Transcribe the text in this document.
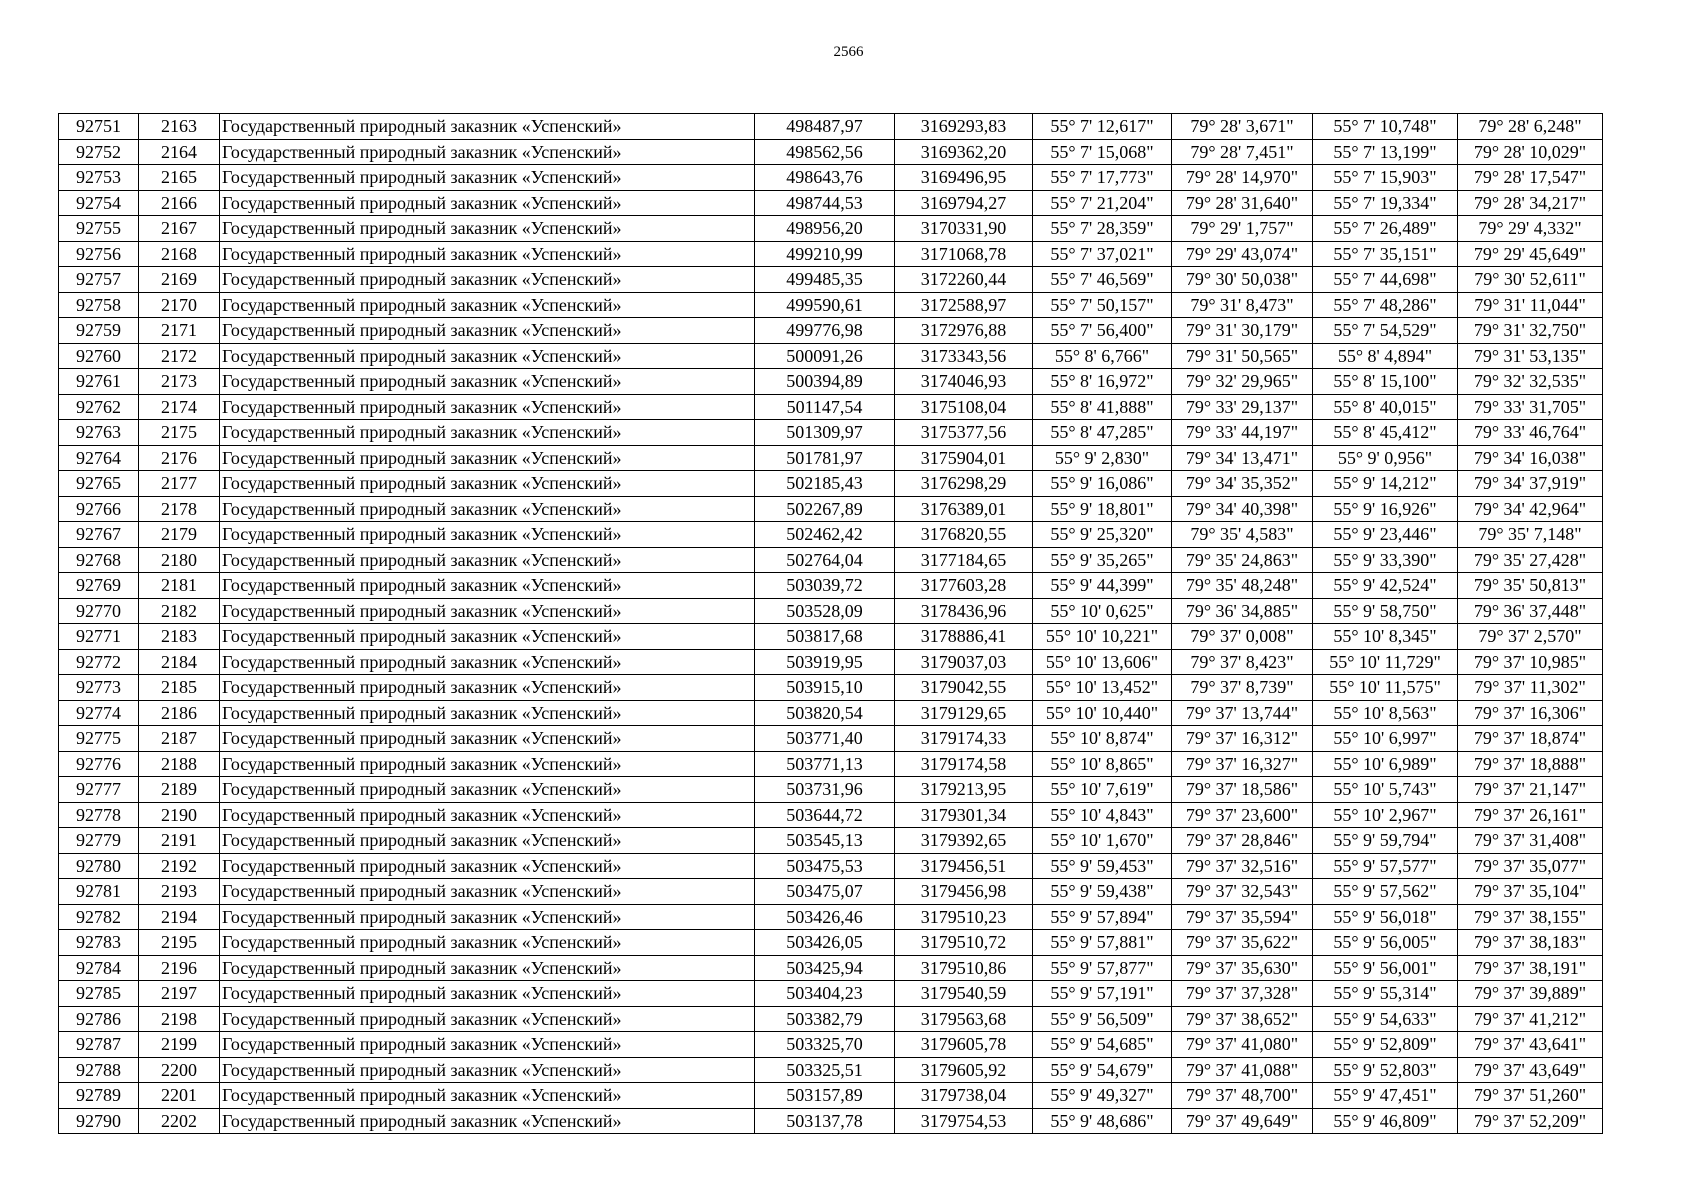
2566
92751	2163	Государственный природный заказник «Успенский»	498487,97	3169293,83	55° 7' 12,617"	79° 28' 3,671"	55° 7' 10,748"	79° 28' 6,248"
92752	2164	Государственный природный заказник «Успенский»	498562,56	3169362,20	55° 7' 15,068"	79° 28' 7,451"	55° 7' 13,199"	79° 28' 10,029"
92753	2165	Государственный природный заказник «Успенский»	498643,76	3169496,95	55° 7' 17,773"	79° 28' 14,970"	55° 7' 15,903"	79° 28' 17,547"
92754	2166	Государственный природный заказник «Успенский»	498744,53	3169794,27	55° 7' 21,204"	79° 28' 31,640"	55° 7' 19,334"	79° 28' 34,217"
92755	2167	Государственный природный заказник «Успенский»	498956,20	3170331,90	55° 7' 28,359"	79° 29' 1,757"	55° 7' 26,489"	79° 29' 4,332"
92756	2168	Государственный природный заказник «Успенский»	499210,99	3171068,78	55° 7' 37,021"	79° 29' 43,074"	55° 7' 35,151"	79° 29' 45,649"
92757	2169	Государственный природный заказник «Успенский»	499485,35	3172260,44	55° 7' 46,569"	79° 30' 50,038"	55° 7' 44,698"	79° 30' 52,611"
92758	2170	Государственный природный заказник «Успенский»	499590,61	3172588,97	55° 7' 50,157"	79° 31' 8,473"	55° 7' 48,286"	79° 31' 11,044"
92759	2171	Государственный природный заказник «Успенский»	499776,98	3172976,88	55° 7' 56,400"	79° 31' 30,179"	55° 7' 54,529"	79° 31' 32,750"
92760	2172	Государственный природный заказник «Успенский»	500091,26	3173343,56	55° 8' 6,766"	79° 31' 50,565"	55° 8' 4,894"	79° 31' 53,135"
92761	2173	Государственный природный заказник «Успенский»	500394,89	3174046,93	55° 8' 16,972"	79° 32' 29,965"	55° 8' 15,100"	79° 32' 32,535"
92762	2174	Государственный природный заказник «Успенский»	501147,54	3175108,04	55° 8' 41,888"	79° 33' 29,137"	55° 8' 40,015"	79° 33' 31,705"
92763	2175	Государственный природный заказник «Успенский»	501309,97	3175377,56	55° 8' 47,285"	79° 33' 44,197"	55° 8' 45,412"	79° 33' 46,764"
92764	2176	Государственный природный заказник «Успенский»	501781,97	3175904,01	55° 9' 2,830"	79° 34' 13,471"	55° 9' 0,956"	79° 34' 16,038"
92765	2177	Государственный природный заказник «Успенский»	502185,43	3176298,29	55° 9' 16,086"	79° 34' 35,352"	55° 9' 14,212"	79° 34' 37,919"
92766	2178	Государственный природный заказник «Успенский»	502267,89	3176389,01	55° 9' 18,801"	79° 34' 40,398"	55° 9' 16,926"	79° 34' 42,964"
92767	2179	Государственный природный заказник «Успенский»	502462,42	3176820,55	55° 9' 25,320"	79° 35' 4,583"	55° 9' 23,446"	79° 35' 7,148"
92768	2180	Государственный природный заказник «Успенский»	502764,04	3177184,65	55° 9' 35,265"	79° 35' 24,863"	55° 9' 33,390"	79° 35' 27,428"
92769	2181	Государственный природный заказник «Успенский»	503039,72	3177603,28	55° 9' 44,399"	79° 35' 48,248"	55° 9' 42,524"	79° 35' 50,813"
92770	2182	Государственный природный заказник «Успенский»	503528,09	3178436,96	55° 10' 0,625"	79° 36' 34,885"	55° 9' 58,750"	79° 36' 37,448"
92771	2183	Государственный природный заказник «Успенский»	503817,68	3178886,41	55° 10' 10,221"	79° 37' 0,008"	55° 10' 8,345"	79° 37' 2,570"
92772	2184	Государственный природный заказник «Успенский»	503919,95	3179037,03	55° 10' 13,606"	79° 37' 8,423"	55° 10' 11,729"	79° 37' 10,985"
92773	2185	Государственный природный заказник «Успенский»	503915,10	3179042,55	55° 10' 13,452"	79° 37' 8,739"	55° 10' 11,575"	79° 37' 11,302"
92774	2186	Государственный природный заказник «Успенский»	503820,54	3179129,65	55° 10' 10,440"	79° 37' 13,744"	55° 10' 8,563"	79° 37' 16,306"
92775	2187	Государственный природный заказник «Успенский»	503771,40	3179174,33	55° 10' 8,874"	79° 37' 16,312"	55° 10' 6,997"	79° 37' 18,874"
92776	2188	Государственный природный заказник «Успенский»	503771,13	3179174,58	55° 10' 8,865"	79° 37' 16,327"	55° 10' 6,989"	79° 37' 18,888"
92777	2189	Государственный природный заказник «Успенский»	503731,96	3179213,95	55° 10' 7,619"	79° 37' 18,586"	55° 10' 5,743"	79° 37' 21,147"
92778	2190	Государственный природный заказник «Успенский»	503644,72	3179301,34	55° 10' 4,843"	79° 37' 23,600"	55° 10' 2,967"	79° 37' 26,161"
92779	2191	Государственный природный заказник «Успенский»	503545,13	3179392,65	55° 10' 1,670"	79° 37' 28,846"	55° 9' 59,794"	79° 37' 31,408"
92780	2192	Государственный природный заказник «Успенский»	503475,53	3179456,51	55° 9' 59,453"	79° 37' 32,516"	55° 9' 57,577"	79° 37' 35,077"
92781	2193	Государственный природный заказник «Успенский»	503475,07	3179456,98	55° 9' 59,438"	79° 37' 32,543"	55° 9' 57,562"	79° 37' 35,104"
92782	2194	Государственный природный заказник «Успенский»	503426,46	3179510,23	55° 9' 57,894"	79° 37' 35,594"	55° 9' 56,018"	79° 37' 38,155"
92783	2195	Государственный природный заказник «Успенский»	503426,05	3179510,72	55° 9' 57,881"	79° 37' 35,622"	55° 9' 56,005"	79° 37' 38,183"
92784	2196	Государственный природный заказник «Успенский»	503425,94	3179510,86	55° 9' 57,877"	79° 37' 35,630"	55° 9' 56,001"	79° 37' 38,191"
92785	2197	Государственный природный заказник «Успенский»	503404,23	3179540,59	55° 9' 57,191"	79° 37' 37,328"	55° 9' 55,314"	79° 37' 39,889"
92786	2198	Государственный природный заказник «Успенский»	503382,79	3179563,68	55° 9' 56,509"	79° 37' 38,652"	55° 9' 54,633"	79° 37' 41,212"
92787	2199	Государственный природный заказник «Успенский»	503325,70	3179605,78	55° 9' 54,685"	79° 37' 41,080"	55° 9' 52,809"	79° 37' 43,641"
92788	2200	Государственный природный заказник «Успенский»	503325,51	3179605,92	55° 9' 54,679"	79° 37' 41,088"	55° 9' 52,803"	79° 37' 43,649"
92789	2201	Государственный природный заказник «Успенский»	503157,89	3179738,04	55° 9' 49,327"	79° 37' 48,700"	55° 9' 47,451"	79° 37' 51,260"
92790	2202	Государственный природный заказник «Успенский»	503137,78	3179754,53	55° 9' 48,686"	79° 37' 49,649"	55° 9' 46,809"	79° 37' 52,209"
